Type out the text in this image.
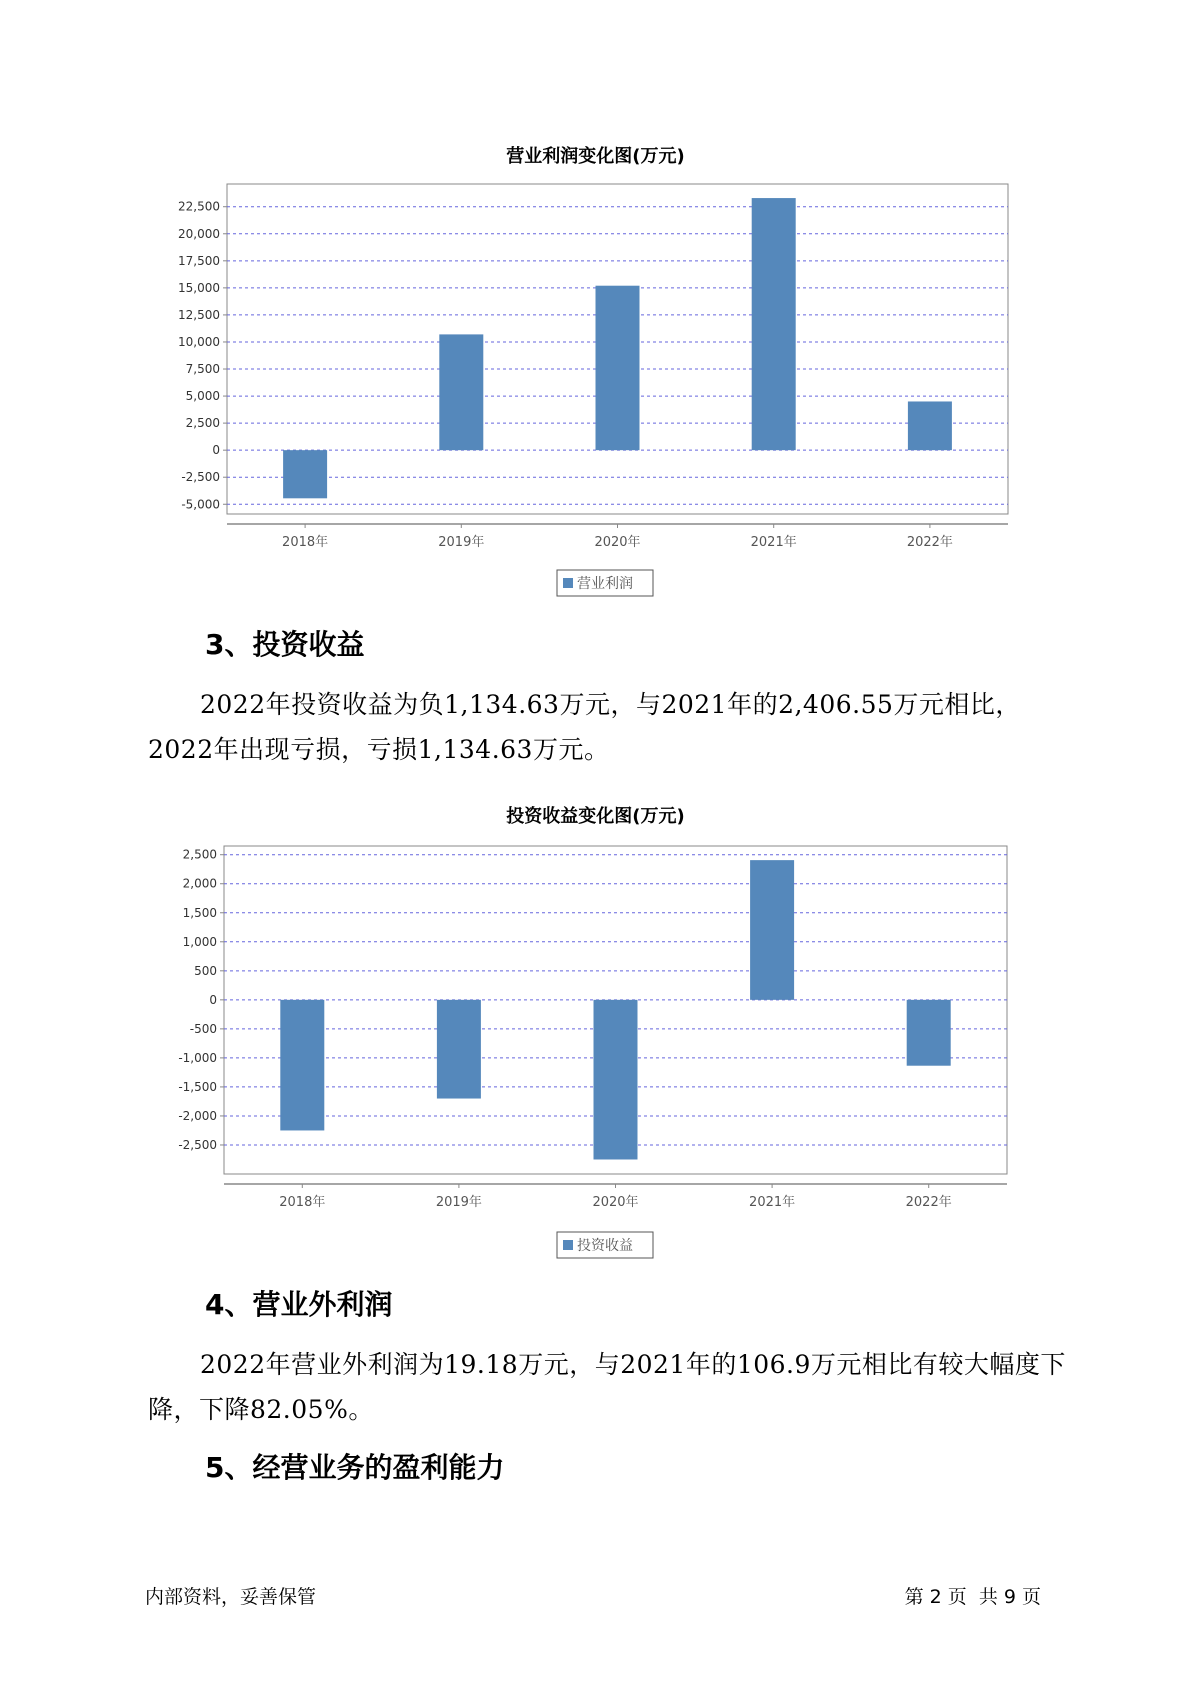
营业利润变化图(万元)
22,500
20,000
17,500
15,000
12,500
10,000
7,500
5,000
2,500
0
-2,500
-5,000
2018年	2019年	2020年	2021年	2022年
营业利润
3、投资收益
2022年投资收益为负1,134.63万元，与2021年的2,406.55万元相比，2022年出现亏损，亏损1,134.63万元。
投资收益变化图(万元)
2,500
2,000
1,500
1,000
500
0
-500
-1,000
-1,500
-2,000
-2,500
2018年	2019年	2020年	2021年	2022年
投资收益
4、营业外利润
2022年营业外利润为19.18万元，与2021年的106.9万元相比有较大幅度下降，下降82.05%。
5、经营业务的盈利能力
内部资料，妥善保管	第 2 页  共 9 页
